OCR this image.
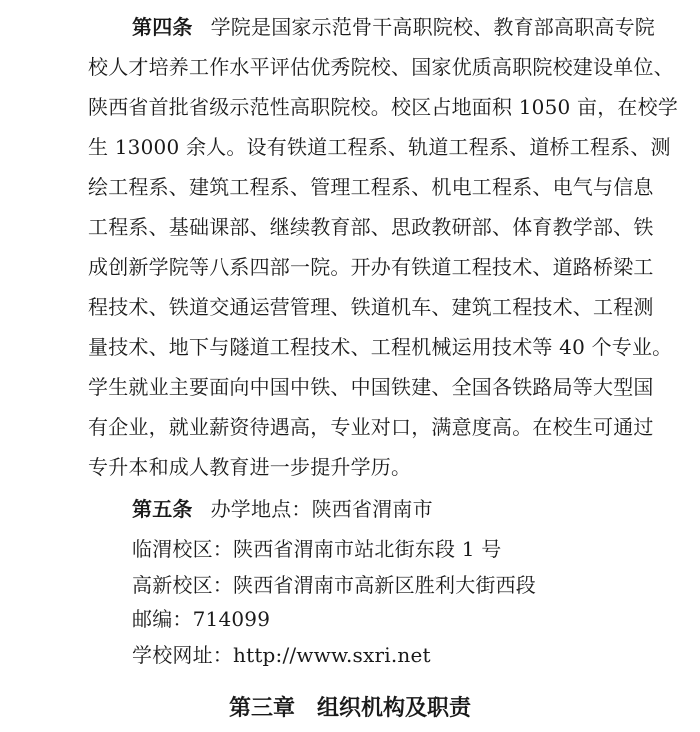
第四条 学院是国家示范骨干高职院校、教育部高职高专院
校人才培养工作水平评估优秀院校、国家优质高职院校建设单位、
陕西省首批省级示范性高职院校。校区占地面积 1050 亩，在校学
生 13000 余人。设有铁道工程系、轨道工程系、道桥工程系、测
绘工程系、建筑工程系、管理工程系、机电工程系、电气与信息
工程系、基础课部、继续教育部、思政教研部、体育教学部、铁
成创新学院等八系四部一院。开办有铁道工程技术、道路桥梁工
程技术、铁道交通运营管理、铁道机车、建筑工程技术、工程测
量技术、地下与隧道工程技术、工程机械运用技术等 40 个专业。
学生就业主要面向中国中铁、中国铁建、全国各铁路局等大型国
有企业，就业薪资待遇高，专业对口，满意度高。在校生可通过
专升本和成人教育进一步提升学历。
第五条 办学地点：陕西省渭南市
临渭校区：陕西省渭南市站北街东段 1 号
高新校区：陕西省渭南市高新区胜利大街西段
邮编：714099
学校网址：http://www.sxri.net
第三章　组织机构及职责
